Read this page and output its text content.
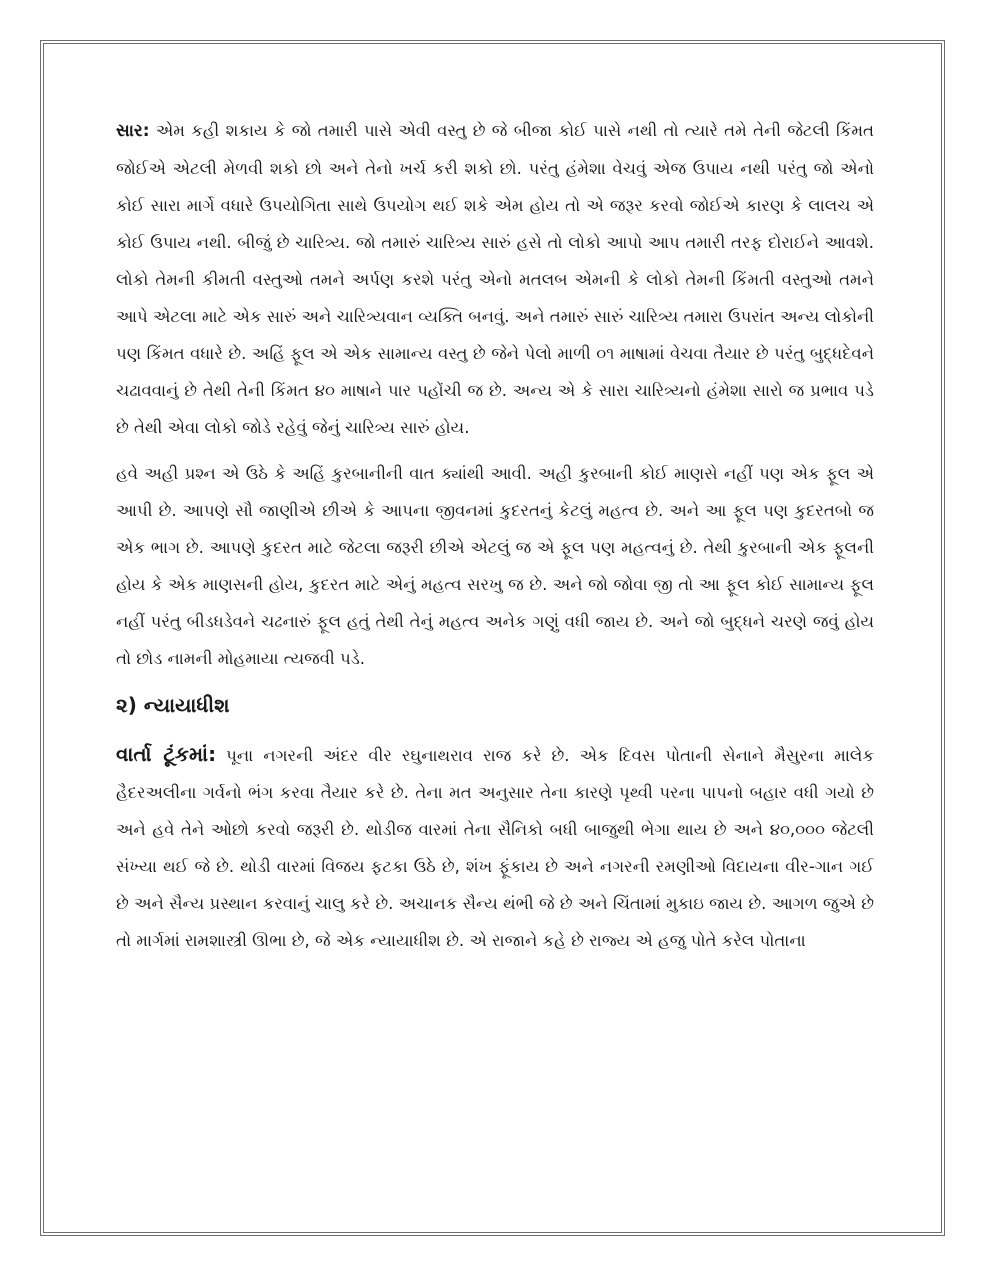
સાર: એમ કહી શકાય કે જો તમારી પાસે એવી વસ્તુ છે જે બીજા કોઈ પાસે નથી તો ત્યારે તમે તેની જેટલી કિંમત જોઈએ એટલી મેળવી શકો છો અને તેનો ખર્ચ કરી શકો છો. પરંતુ હંમેશા વેચવું એજ ઉપાય નથી પરંતુ જો એનો કોઈ સારા માર્ગે વધારે ઉપયોગિતા સાથે ઉપયોગ થઈ શકે એમ હોય તો એ જરૂર કરવો જોઈએ કારણ કે લાલચ એ કોઈ ઉપાય નથી. બીજું છે ચારિત્ર્ય. જો તમારું ચારિત્ર્ય સારું હસે તો લોકો આપો આપ તમારી તરફ દોરાઈને આવશે. લોકો તેમની કીમતી વસ્તુઓ તમને અર્પણ કરશે પરંતુ એનો મતલબ એમની કે લોકો તેમની કિંમતી વસ્તુઓ તમને આપે એટલા માટે એક સારું અને ચારિત્ર્યવાન વ્યક્તિ બનવું. અને તમારું સારું ચારિત્ર્ય તમારા ઉપરાંત અન્ય લોકોની પણ કિંમત વધારે છે. અહિં ફૂલ એ એક સામાન્ય વસ્તુ છે જેને પેલો માળી ૦૧ માષામાં વેચવા તૈયાર છે પરંતુ બુદ્ધદેવને ચઢાવવાનું છે તેથી તેની કિંમત ૪૦ માષાને પાર પહોંચી જ છે. અન્ય એ કે સારા ચારિત્ર્યનો હંમેશા સારો જ પ્રભાવ પડે છે તેથી એવા લોકો જોડે રહેવું જેનું ચારિત્ર્ય સારું હોય.

હવે અહી પ્રશ્ન એ ઉઠે કે અહિં કુરબાનીની વાત ક્યાંથી આવી. અહી કુરબાની કોઈ માણસે નહીં પણ એક ફૂલ એ આપી છે. આપણે સૌ જાણીએ છીએ કે આપના જીવનમાં કુદરતનું કેટલું મહત્વ છે. અને આ ફૂલ પણ કુદરતબો જ એક ભાગ છે. આપણે કુદરત માટે જેટલા જરૂરી છીએ એટલું જ એ ફૂલ પણ મહત્વનું છે. તેથી કુરબાની એક ફૂલની હોય કે એક માણસની હોય, કુદરત માટે એનું મહત્વ સરખુ જ છે. અને જો જોવા જી તો આ ફૂલ કોઈ સામાન્ય ફૂલ નહીં પરંતુ બીડધડેવને ચઢનારું ફૂલ હતું તેથી તેનું મહત્વ અનેક ગણું વધી જાય છે. અને જો બુદ્ધને ચરણે જવું હોય તો છોડ નામની મોહમાયા ત્યજવી પડે.

૨) ન્યાયાધીશ

વાર્તા ટૂંકમાં: પૂના નગરની અંદર વીર રઘુનાથરાવ રાજ કરે છે. એક દિવસ પોતાની સેનાને મૈસુરના માલેક હૈદરઅલીના ગર્વનો ભંગ કરવા તૈયાર કરે છે. તેના મત અનુસાર તેના કારણે પૃથ્વી પરના પાપનો બહાર વધી ગયો છે અને હવે તેને ઓછો કરવો જરૂરી છે. થોડીજ વારમાં તેના સૈનિકો બધી બાજુથી ભેગા થાય છે અને ૪૦,૦૦૦ જેટલી સંખ્યા થઈ જે છે. થોડી વારમાં વિજય ફટકા ઉઠે છે, શંખ ફૂંકાય છે અને નગરની રમણીઓ વિદાયના વીર-ગાન ગઈ છે અને સૈન્ય પ્રસ્થાન કરવાનું ચાલુ કરે છે. અચાનક સૈન્ય થંભી જે છે અને ચિંતામાં મુકાઇ જાય છે. આગળ જુએ છે તો માર્ગમાં રામશાસ્ત્રી ઊભા છે, જે એક ન્યાયાધીશ છે. એ રાજાને કહે છે રાજ્ય એ હજુ પોતે કરેલ પોતાના
